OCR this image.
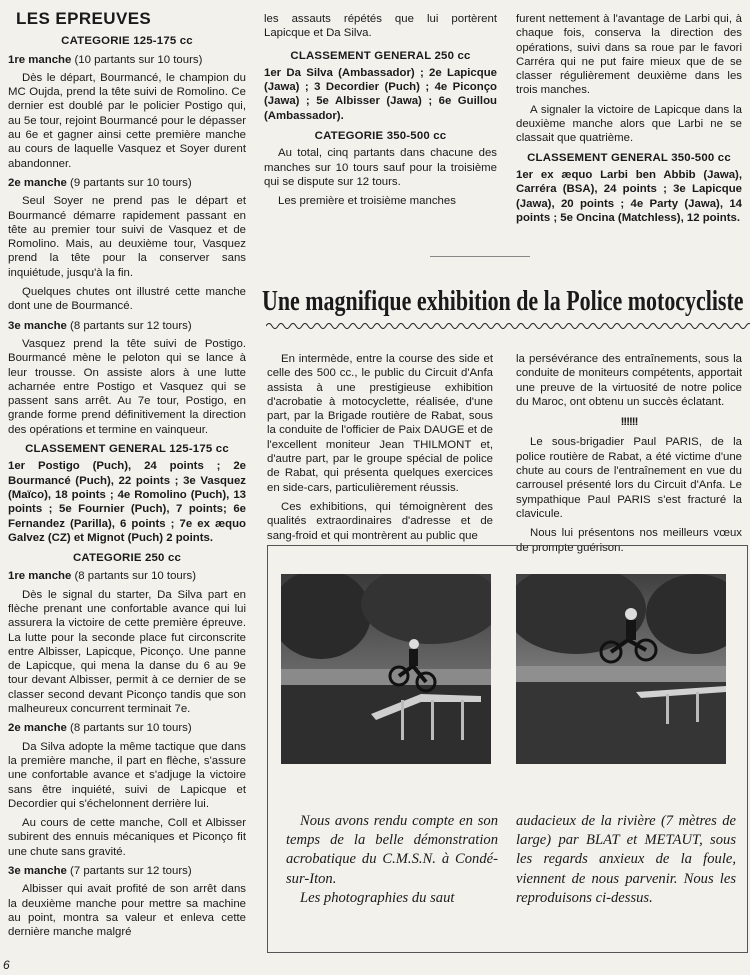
LES EPREUVES
CATEGORIE 125-175 cc

1re manche (10 partants sur 10 tours)

Dès le départ, Bourmancé, le champion du MC Oujda, prend la tête suivi de Romolino. Ce dernier est doublé par le policier Postigo qui, au 5e tour, rejoint Bourmancé pour le dépasser au 6e et gagner ainsi cette première manche au cours de laquelle Vasquez et Soyer durent abandonner.

2e manche (9 partants sur 10 tours)

Seul Soyer ne prend pas le départ et Bourmancé démarre rapidement passant en tête au premier tour suivi de Vasquez et de Romolino. Mais, au deuxième tour, Vasquez prend la tête pour la conserver sans inquiétude, jusqu'à la fin.

Quelques chutes ont illustré cette manche dont une de Bourmancé.

3e manche (8 partants sur 12 tours)

Vasquez prend la tête suivi de Postigo. Bourmancé mène le peloton qui se lance à leur trousse. On assiste alors à une lutte acharnée entre Postigo et Vasquez qui se passent sans arrêt. Au 7e tour, Postigo, en grande forme prend définitivement la direction des opérations et termine en vainqueur.

CLASSEMENT GENERAL 125-175 cc

1er Postigo (Puch), 24 points ; 2e Bourmancé (Puch), 22 points ; 3e Vasquez (Maïco), 18 points ; 4e Romolino (Puch), 13 points ; 5e Fournier (Puch), 7 points; 6e Fernandez (Parilla), 6 points ; 7e ex æquo Galvez (CZ) et Mignot (Puch) 2 points.

CATEGORIE 250 cc

1re manche (8 partants sur 10 tours)

Dès le signal du starter, Da Silva part en flèche prenant une confortable avance qui lui assurera la victoire de cette première épreuve. La lutte pour la seconde place fut circonscrite entre Albisser, Lapicque, Piconço. Une panne de Lapicque, qui mena la danse du 6 au 9e tour devant Albisser, permit à ce dernier de se classer second devant Piconço tandis que son malheureux concurrent terminait 7e.

2e manche (8 partants sur 10 tours)

Da Silva adopte la même tactique que dans la première manche, il part en flèche, s'assure une confortable avance et s'adjuge la victoire sans être inquiété, suivi de Lapicque et Decordier qui s'échelonnent derrière lui.

Au cours de cette manche, Coll et Albisser subirent des ennuis mécaniques et Piconço fit une chute sans gravité.

3e manche (7 partants sur 12 tours)

Albisser qui avait profité de son arrêt dans la deuxième manche pour mettre sa machine au point, montra sa valeur et enleva cette dernière manche malgré

les assauts répétés que lui portèrent Lapicque et Da Silva.

CLASSEMENT GENERAL 250 cc

1er Da Silva (Ambassador) ; 2e Lapicque (Jawa) ; 3 Decordier (Puch) ; 4e Piconço (Jawa) ; 5e Albisser (Jawa) ; 6e Guillou (Ambassador).

CATEGORIE 350-500 cc

Au total, cinq partants dans chacune des manches sur 10 tours sauf pour la troisième qui se dispute sur 12 tours.

Les première et troisième manches

furent nettement à l'avantage de Larbi qui, à chaque fois, conserva la direction des opérations, suivi dans sa roue par le favori Carréra qui ne put faire mieux que de se classer régulièrement deuxième dans les trois manches.

A signaler la victoire de Lapicque dans la deuxième manche alors que Larbi ne se classait que quatrième.

CLASSEMENT GENERAL 350-500 cc

1er ex æquo Larbi ben Abbib (Jawa), Carréra (BSA), 24 points ; 3e Lapicque (Jawa), 20 points ; 4e Party (Jawa), 14 points ; 5e Oncina (Matchless), 12 points.

Une magnifique exhibition de la Police motocycliste

En intermède, entre la course des side et celle des 500 cc., le public du Circuit d'Anfa assista à une prestigieuse exhibition d'acrobatie à motocyclette, réalisée, d'une part, par la Brigade routière de Rabat, sous la conduite de l'officier de Paix DAUGE et de l'excellent moniteur Jean THILMONT et, d'autre part, par le groupe spécial de police de Rabat, qui présenta quelques exercices en side-cars, particulièrement réussis.

Ces exhibitions, qui témoignèrent des qualités extraordinaires d'adresse et de sang-froid et qui montrèrent au public que

la persévérance des entraînements, sous la conduite de moniteurs compétents, apportait une preuve de la virtuosité de notre police du Maroc, ont obtenu un succès éclatant.

!!!!!!

Le sous-brigadier Paul PARIS, de la police routière de Rabat, a été victime d'une chute au cours de l'entraînement en vue du carrousel présenté lors du Circuit d'Anfa. Le sympathique Paul PARIS s'est fracturé la clavicule.

Nous lui présentons nos meilleurs vœux de prompte guérison.

Nous avons rendu compte en son temps de la belle démonstration acrobatique du C.M.S.N. à Condé-sur-Iton.

Les photographies du saut

audacieux de la rivière (7 mètres de large) par BLAT et METAUT, sous les regards anxieux de la foule, viennent de nous parvenir. Nous les reproduisons ci-dessus.

6
